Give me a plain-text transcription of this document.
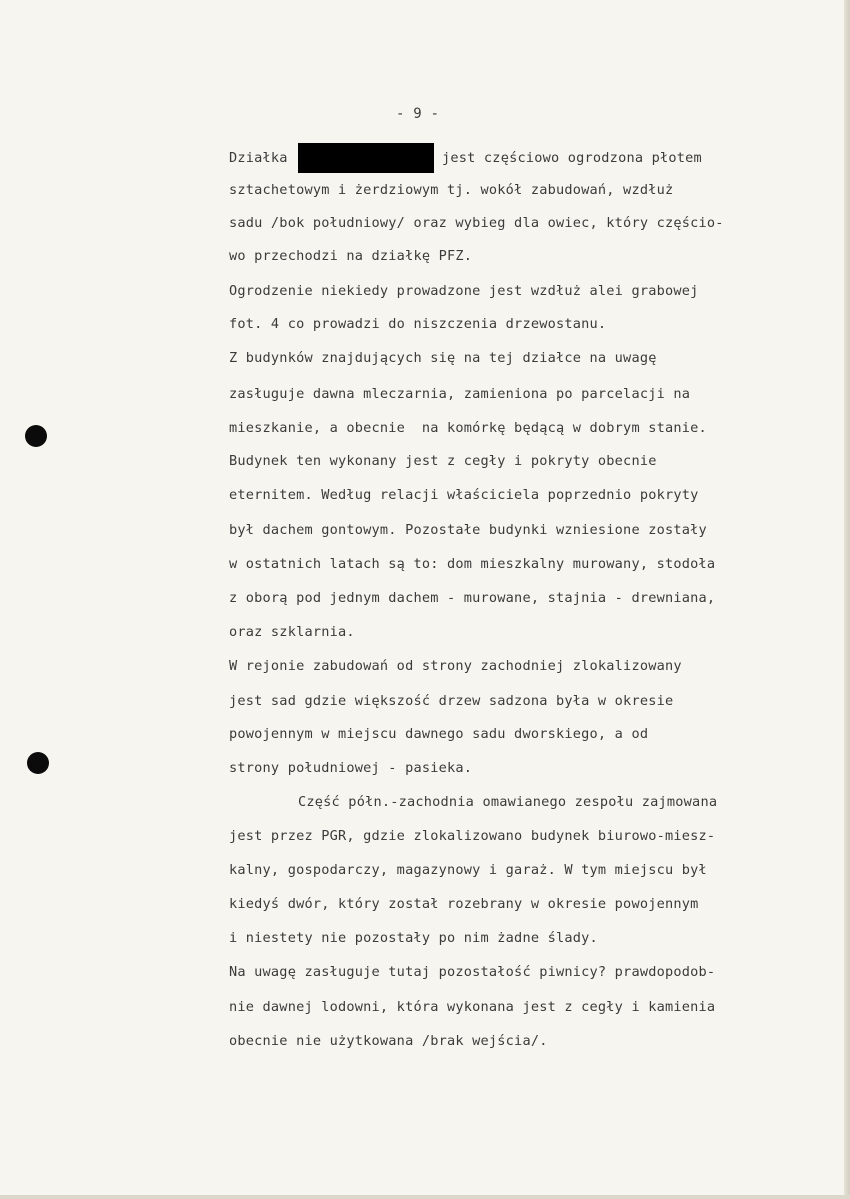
- 9 -
Działka	jest częściowo ogrodzona płotem
sztachetowym i żerdziowym tj. wokół zabudowań, wzdłuż
sadu /bok południowy/ oraz wybieg dla owiec, który częścio-
wo przechodzi na działkę PFZ.
Ogrodzenie niekiedy prowadzone jest wzdłuż alei grabowej
fot. 4 co prowadzi do niszczenia drzewostanu.
Z budynków znajdujących się na tej działce na uwagę
zasługuje dawna mleczarnia, zamieniona po parcelacji na
mieszkanie, a obecnie  na komórkę będącą w dobrym stanie.
Budynek ten wykonany jest z cegły i pokryty obecnie
eternitem. Według relacji właściciela poprzednio pokryty
był dachem gontowym. Pozostałe budynki wzniesione zostały
w ostatnich latach są to: dom mieszkalny murowany, stodoła
z oborą pod jednym dachem - murowane, stajnia - drewniana,
oraz szklarnia.
W rejonie zabudowań od strony zachodniej zlokalizowany
jest sad gdzie większość drzew sadzona była w okresie
powojennym w miejscu dawnego sadu dworskiego, a od
strony południowej - pasieka.
Część półn.-zachodnia omawianego zespołu zajmowana
jest przez PGR, gdzie zlokalizowano budynek biurowo-miesz-
kalny, gospodarczy, magazynowy i garaż. W tym miejscu był
kiedyś dwór, który został rozebrany w okresie powojennym
i niestety nie pozostały po nim żadne ślady.
Na uwagę zasługuje tutaj pozostałość piwnicy? prawdopodob-
nie dawnej lodowni, która wykonana jest z cegły i kamienia
obecnie nie użytkowana /brak wejścia/.
